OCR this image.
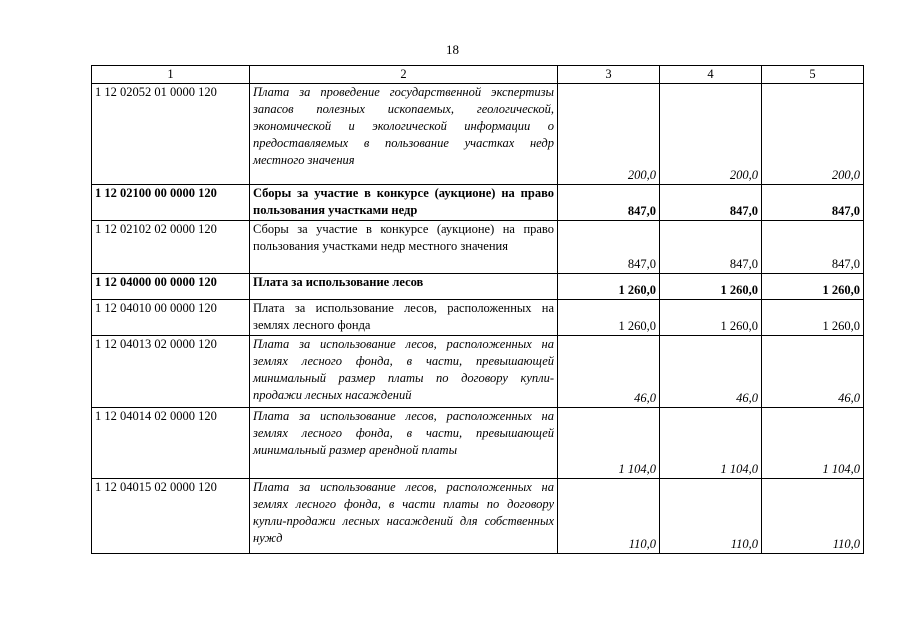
18
1	2	3	4	5
1 12 02052 01 0000 120	Плата за проведение государственной экспертизы запасов полезных ископаемых, геологической, экономической и экологической информации о предоставляемых в пользование участках недр местного значения	200,0	200,0	200,0
1 12 02100 00 0000 120	Сборы за участие в конкурсе (аукционе) на право пользования участками недр	847,0	847,0	847,0
1 12 02102 02 0000 120	Сборы за участие в конкурсе (аукционе) на право пользования участками недр местного значения	847,0	847,0	847,0
1 12 04000 00 0000 120	Плата за использование лесов	1 260,0	1 260,0	1 260,0
1 12 04010 00 0000 120	Плата за использование лесов, расположенных на землях лесного фонда	1 260,0	1 260,0	1 260,0
1 12 04013 02 0000 120	Плата за использование лесов, расположенных на землях лесного фонда, в части, превышающей минимальный размер платы по договору купли-продажи лесных насаждений	46,0	46,0	46,0
1 12 04014 02 0000 120	Плата за использование лесов, расположенных на землях лесного фонда, в части, превышающей минимальный размер арендной платы	1 104,0	1 104,0	1 104,0
1 12 04015 02 0000 120	Плата за использование лесов, расположенных на землях лесного фонда, в части платы по договору купли-продажи лесных насаждений для собственных нужд	110,0	110,0	110,0
